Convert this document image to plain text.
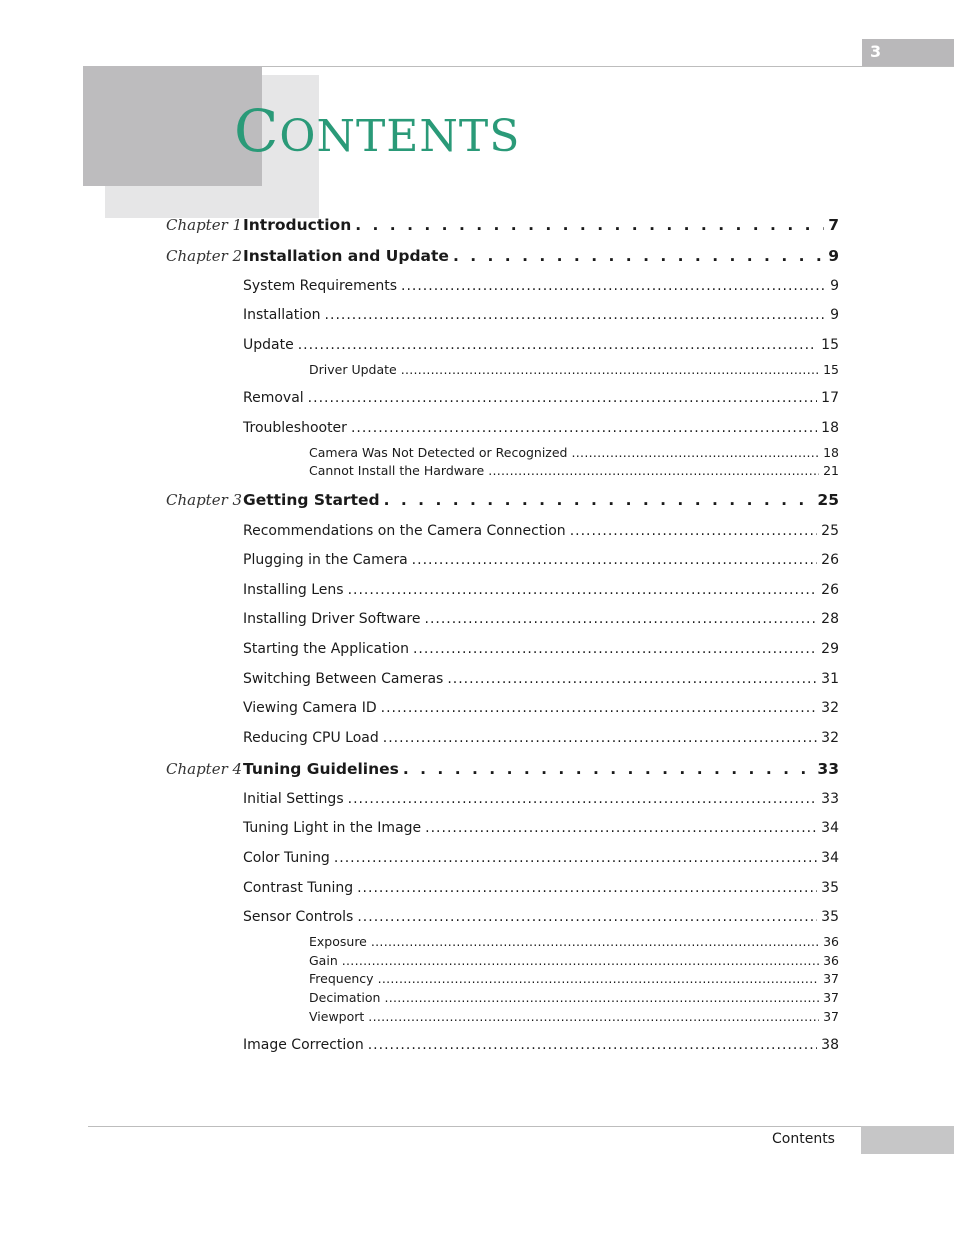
3
CONTENTS
Chapter 1 Introduction . . .	7
Chapter 2 Installation and Update . . .	9
System Requirements .....	9
Installation .....	9
Update .....	15
Driver Update .....	15
Removal .....	17
Troubleshooter .....	18
Camera Was Not Detected or Recognized .....	18
Cannot Install the Hardware .....	21
Chapter 3 Getting Started . . .	25
Recommendations on the Camera Connection .....	25
Plugging in the Camera .....	26
Installing Lens .....	26
Installing Driver Software .....	28
Starting the Application .....	29
Switching Between Cameras .....	31
Viewing Camera ID .....	32
Reducing CPU Load .....	32
Chapter 4 Tuning Guidelines . . .	33
Initial Settings .....	33
Tuning Light in the Image .....	34
Color Tuning .....	34
Contrast Tuning .....	35
Sensor Controls .....	35
Exposure .....	36
Gain .....	36
Frequency .....	37
Decimation .....	37
Viewport .....	37
Image Correction .....	38
Contents
